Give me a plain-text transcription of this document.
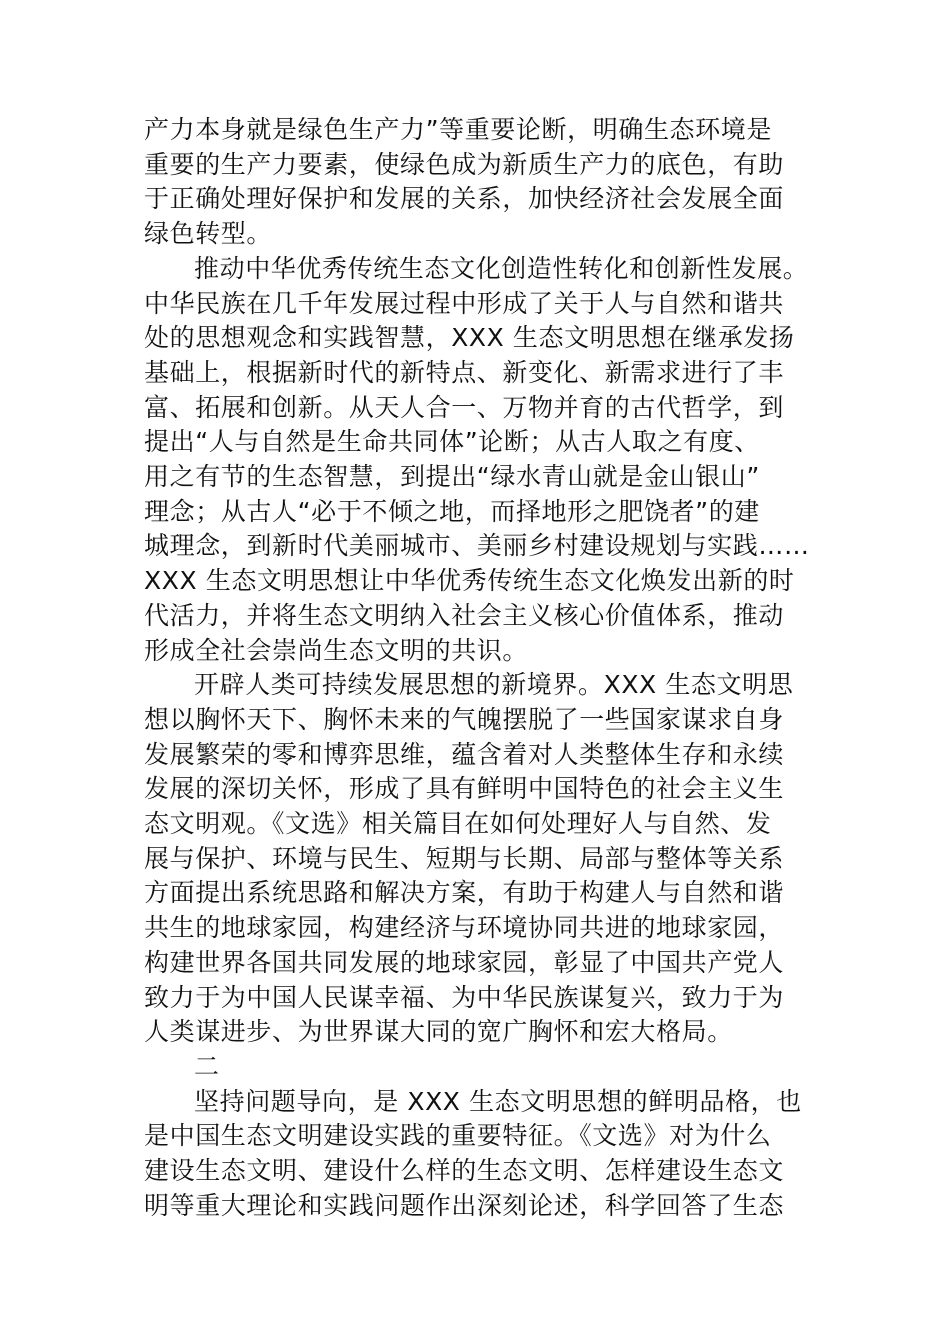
产力本身就是绿色生产力”等重要论断，明确生态环境是
重要的生产力要素，使绿色成为新质生产力的底色，有助
于正确处理好保护和发展的关系，加快经济社会发展全面
绿色转型。

推动中华优秀传统生态文化创造性转化和创新性发展。
中华民族在几千年发展过程中形成了关于人与自然和谐共
处的思想观念和实践智慧，XXX 生态文明思想在继承发扬
基础上，根据新时代的新特点、新变化、新需求进行了丰
富、拓展和创新。从天人合一、万物并育的古代哲学，到
提出“人与自然是生命共同体”论断；从古人取之有度、
用之有节的生态智慧，到提出“绿水青山就是金山银山”
理念；从古人“必于不倾之地，而择地形之肥饶者”的建
城理念，到新时代美丽城市、美丽乡村建设规划与实践……
XXX 生态文明思想让中华优秀传统生态文化焕发出新的时
代活力，并将生态文明纳入社会主义核心价值体系，推动
形成全社会崇尚生态文明的共识。

开辟人类可持续发展思想的新境界。XXX 生态文明思
想以胸怀天下、胸怀未来的气魄摆脱了一些国家谋求自身
发展繁荣的零和博弈思维，蕴含着对人类整体生存和永续
发展的深切关怀，形成了具有鲜明中国特色的社会主义生
态文明观。《文选》相关篇目在如何处理好人与自然、发
展与保护、环境与民生、短期与长期、局部与整体等关系
方面提出系统思路和解决方案，有助于构建人与自然和谐
共生的地球家园，构建经济与环境协同共进的地球家园，
构建世界各国共同发展的地球家园，彰显了中国共产党人
致力于为中国人民谋幸福、为中华民族谋复兴，致力于为
人类谋进步、为世界谋大同的宽广胸怀和宏大格局。

二

坚持问题导向，是 XXX 生态文明思想的鲜明品格，也
是中国生态文明建设实践的重要特征。《文选》对为什么
建设生态文明、建设什么样的生态文明、怎样建设生态文
明等重大理论和实践问题作出深刻论述，科学回答了生态
